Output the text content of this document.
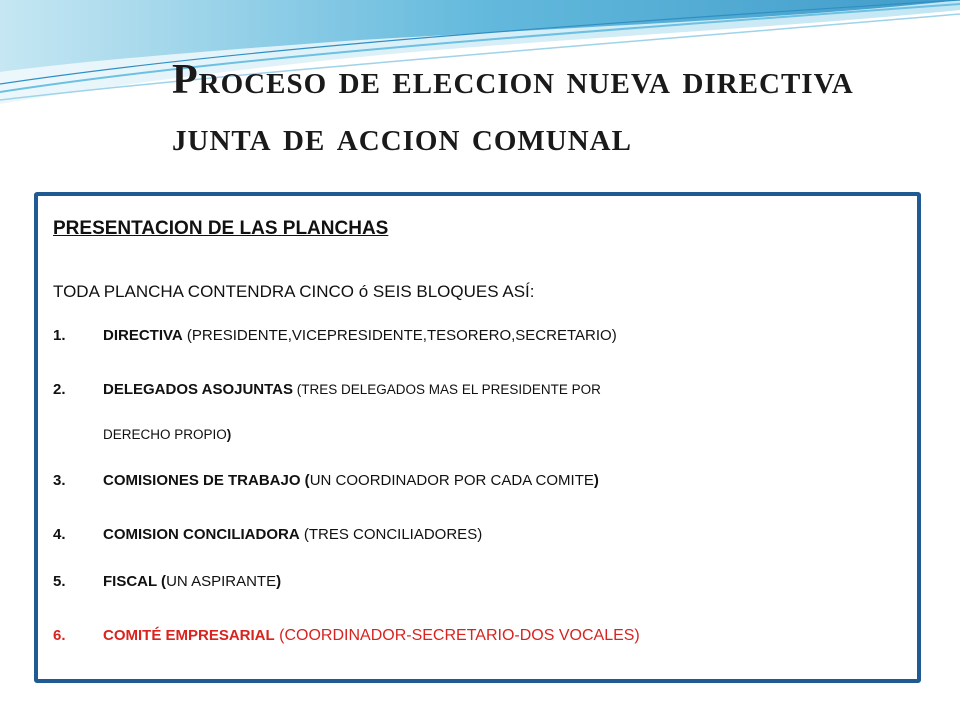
Proceso de eleccion nueva directiva
junta de accion comunal

PRESENTACION DE LAS PLANCHAS

TODA PLANCHA CONTENDRA CINCO ó SEIS BLOQUES ASÍ:

1.	DIRECTIVA (PRESIDENTE,VICEPRESIDENTE,TESORERO,SECRETARIO)
2.	DELEGADOS ASOJUNTAS (TRES DELEGADOS MAS EL PRESIDENTE POR
DERECHO PROPIO)
3.	COMISIONES DE TRABAJO (UN COORDINADOR POR CADA COMITE)
4.	COMISION CONCILIADORA (TRES CONCILIADORES)
5.	FISCAL (UN ASPIRANTE)
6.	COMITÉ EMPRESARIAL (COORDINADOR-SECRETARIO-DOS VOCALES)
